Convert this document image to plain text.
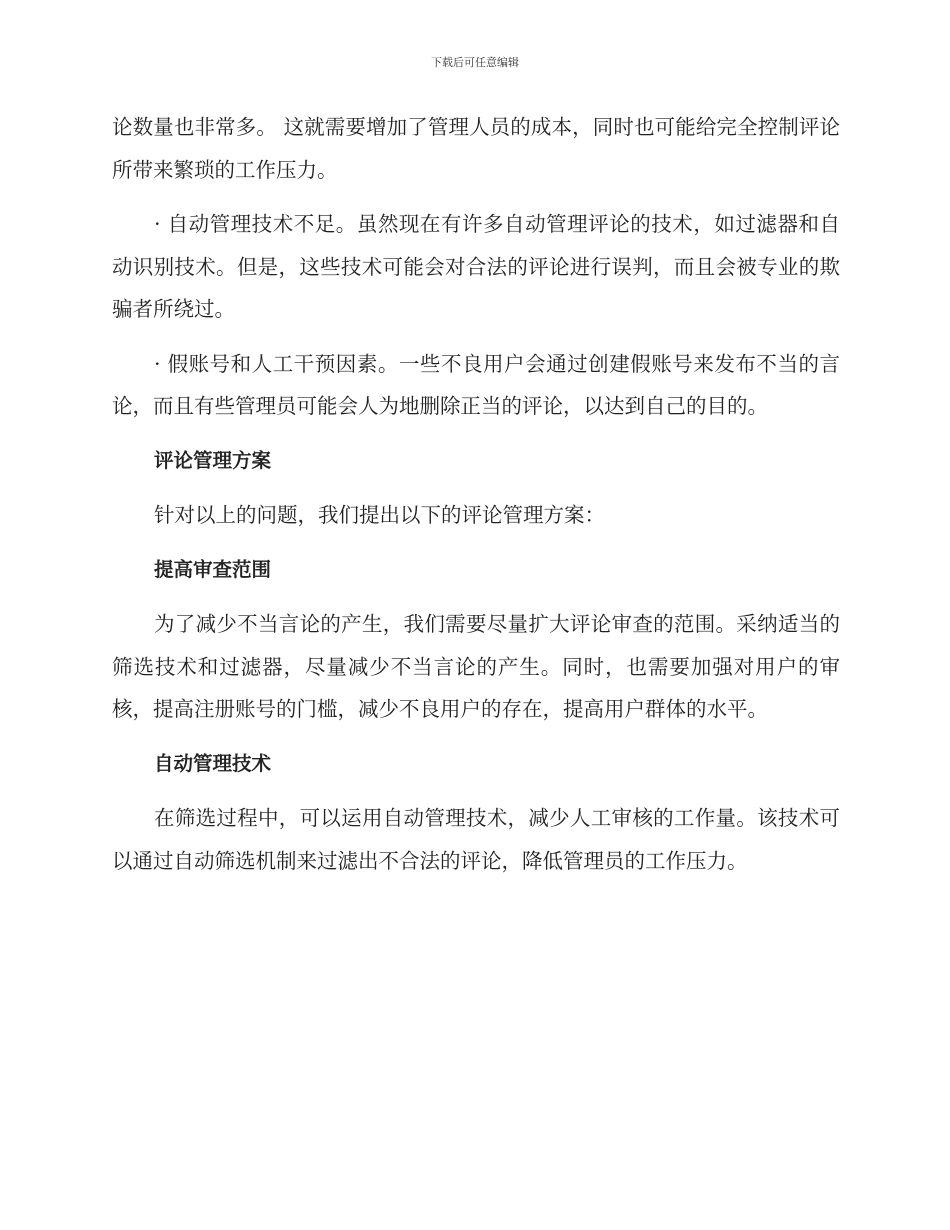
下载后可任意编辑

论数量也非常多。 这就需要增加了管理人员的成本，同时也可能给完全控制评论所带来繁琐的工作压力。

· 自动管理技术不足。虽然现在有许多自动管理评论的技术，如过滤器和自动识别技术。但是，这些技术可能会对合法的评论进行误判，而且会被专业的欺骗者所绕过。

· 假账号和人工干预因素。一些不良用户会通过创建假账号来发布不当的言论，而且有些管理员可能会人为地删除正当的评论，以达到自己的目的。

评论管理方案

针对以上的问题，我们提出以下的评论管理方案：

提高审查范围

为了减少不当言论的产生，我们需要尽量扩大评论审查的范围。采纳适当的筛选技术和过滤器，尽量减少不当言论的产生。同时，也需要加强对用户的审核，提高注册账号的门槛，减少不良用户的存在，提高用户群体的水平。

自动管理技术

在筛选过程中，可以运用自动管理技术，减少人工审核的工作量。该技术可以通过自动筛选机制来过滤出不合法的评论，降低管理员的工作压力。
